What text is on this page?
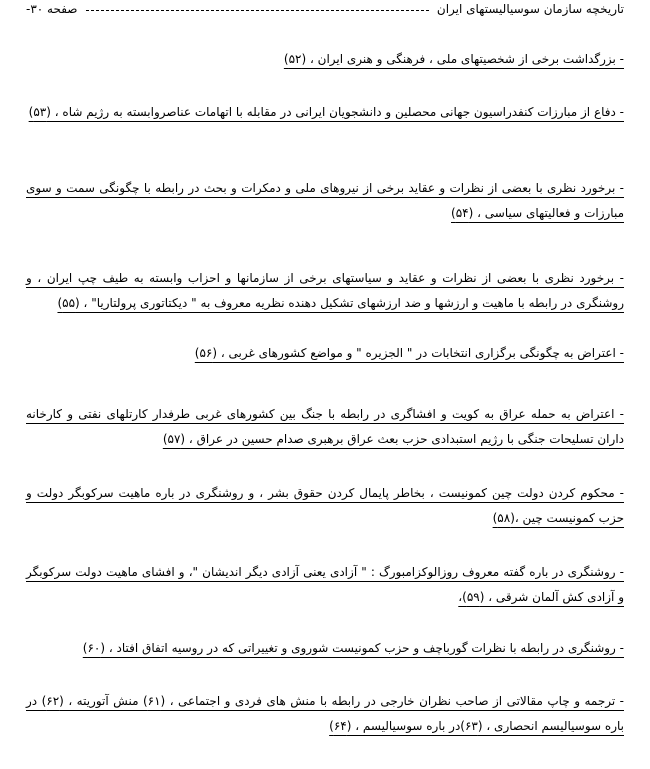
تاریخچه سازمان سوسیالیستهای ایران
صفحه ۳۰-
- بزرگداشت برخی از شخصیتهای ملی ، فرهنگی و هنری ایران ، (۵۲)
- دفاع از مبارزات کنفدراسیون جهانی محصلین و دانشجویان ایرانی در مقابله با اتهامات عناصروابسته به رژیم شاه ، (۵۳)
- برخورد نظری با بعضی از نظرات و عقاید برخی از نیروهای ملی و دمکرات و بحث در رابطه با چگونگی سمت و سوی مبارزات و فعالیتهای سیاسی ، (۵۴)
- برخورد نظری با بعضی از نظرات و عقاید و سیاستهای برخی از سازمانها و احزاب وابسته به طیف چپ ایران ، و روشنگری در رابطه با ماهیت و ارزشها و ضد ارزشهای تشکیل دهنده نظریه معروف به " دیکتاتوری پرولتاریا" ، (۵۵)
- اعتراض به چگونگی برگزاری انتخابات در " الجزیره " و مواضع کشورهای غربی ، (۵۶)
- اعتراض به حمله عراق به کویت و افشاگری در رابطه با جنگ بین کشورهای غربی طرفدار کارتلهای نفتی و کارخانه داران تسلیحات جنگی با رژیم استبدادی حزب بعث عراق برهبری صدام حسین در عراق ، (۵۷)
- محکوم کردن دولت چین کمونیست ، بخاطر پایمال کردن حقوق بشر ، و روشنگری در باره ماهیت سرکوبگر دولت و حزب کمونیست چین ،(۵۸)
- روشنگری در باره گفته معروف روزالوکزامبورگ : " آزادی یعنی آزادی دیگر اندیشان "، و افشای ماهیت دولت سرکوبگر و آزادی کش آلمان شرقی ، (۵۹)،
- روشنگری در رابطه با نظرات گورباچف و حزب کمونیست شوروی و تغییراتی که در روسیه اتفاق افتاد ، (۶۰)
- ترجمه و چاپ مقالاتی از صاحب نظران خارجی در رابطه با منش های فردی و اجتماعی ، (۶۱) منش آتوریته ، (۶۲) در باره سوسیالیسم انحصاری ، (۶۳)در باره سوسیالیسم ، (۶۴)
